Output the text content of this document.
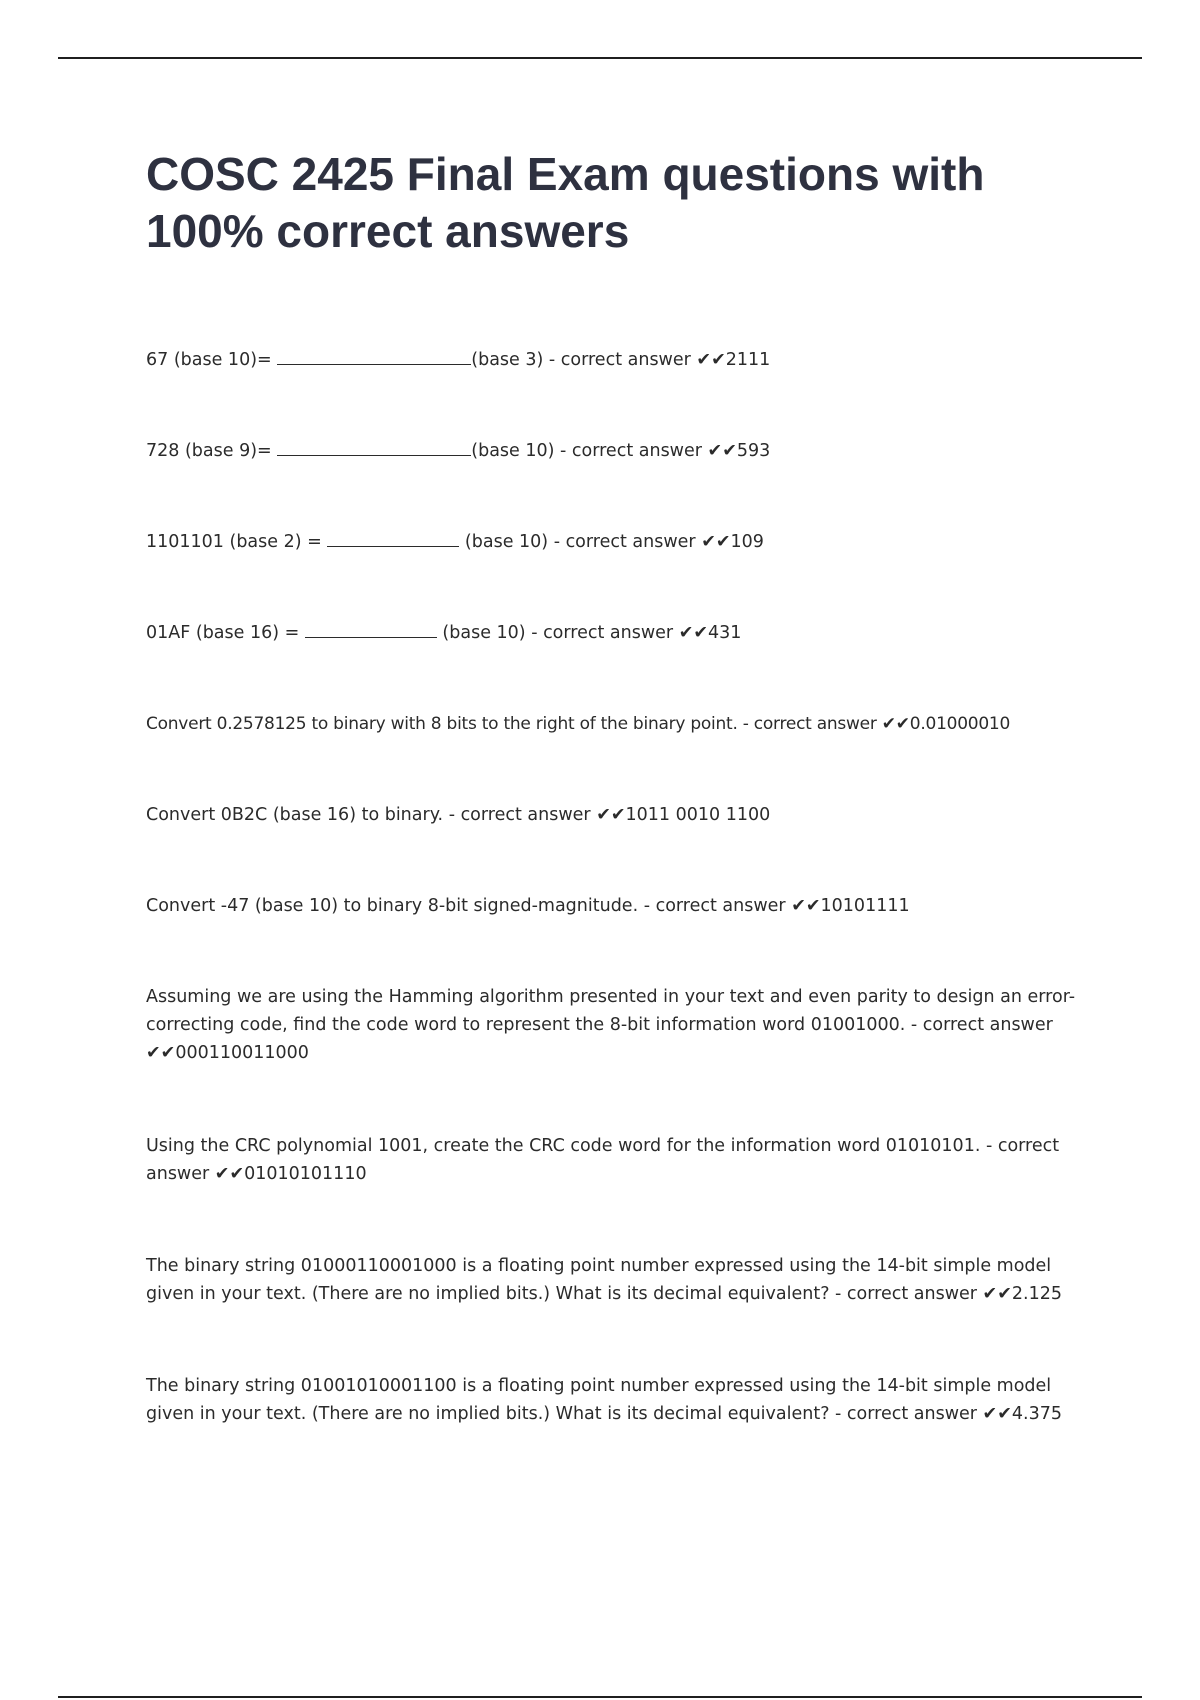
COSC 2425 Final Exam questions with 100% correct answers

67 (base 10)=	(base 3) - correct answer ✔✔2111

728 (base 9)=	(base 10) - correct answer ✔✔593

1101101 (base 2) =	(base 10) - correct answer ✔✔109

01AF (base 16) =	(base 10) - correct answer ✔✔431

Convert 0.2578125 to binary with 8 bits to the right of the binary point. - correct answer ✔✔0.01000010

Convert 0B2C (base 16) to binary. - correct answer ✔✔1011 0010 1100

Convert -47 (base 10) to binary 8-bit signed-magnitude. - correct answer ✔✔10101111

Assuming we are using the Hamming algorithm presented in your text and even parity to design an error-correcting code, find the code word to represent the 8-bit information word 01001000. - correct answer ✔✔000110011000

Using the CRC polynomial 1001, create the CRC code word for the information word 01010101. - correct answer ✔✔01010101110

The binary string 01000110001000 is a floating point number expressed using the 14-bit simple model given in your text. (There are no implied bits.) What is its decimal equivalent? - correct answer ✔✔2.125

The binary string 01001010001100 is a floating point number expressed using the 14-bit simple model given in your text. (There are no implied bits.) What is its decimal equivalent? - correct answer ✔✔4.375
